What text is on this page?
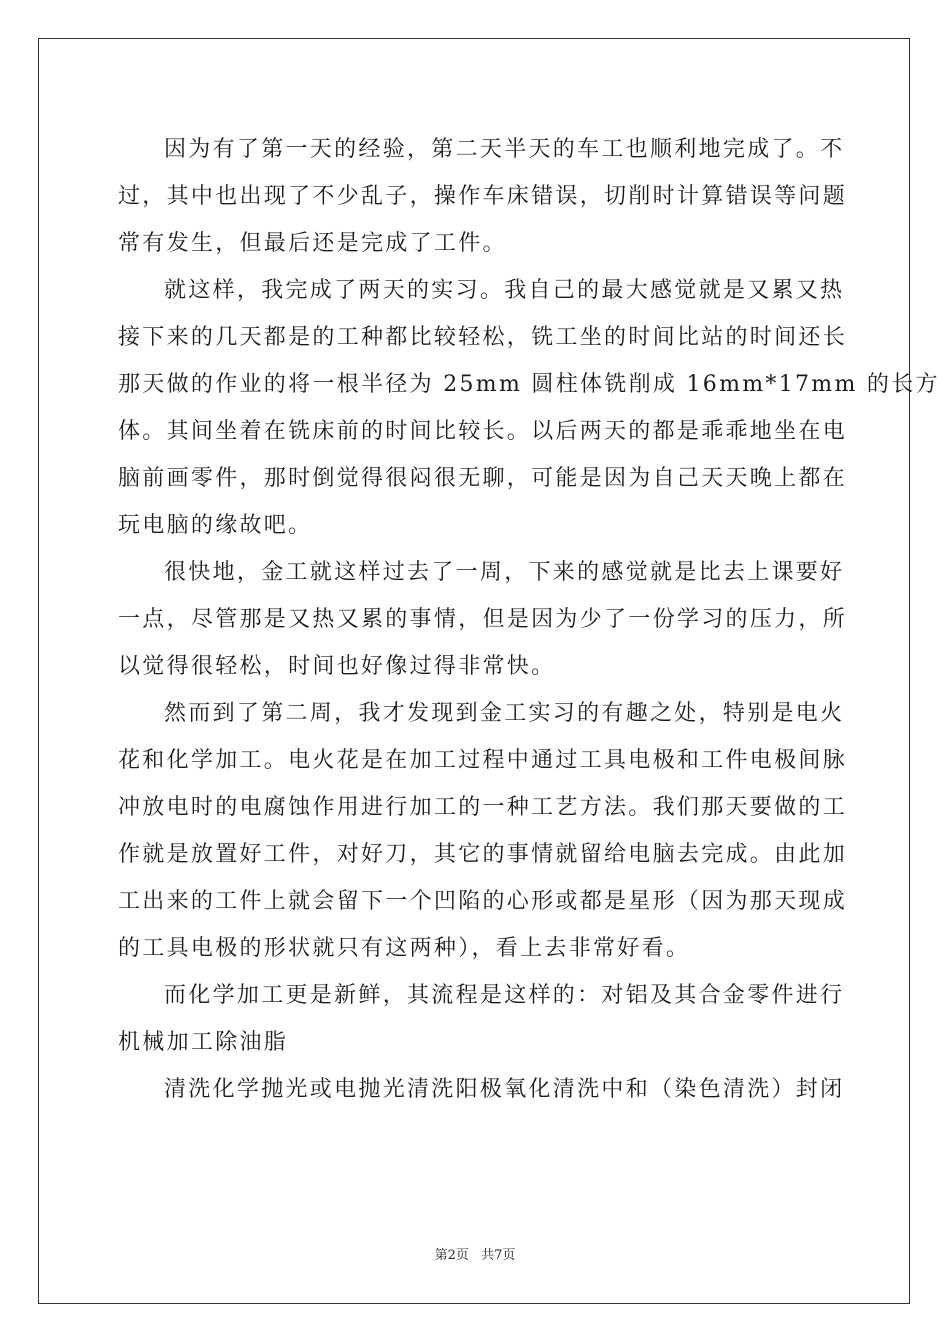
因为有了第一天的经验，第二天半天的车工也顺利地完成了。不
过，其中也出现了不少乱子，操作车床错误，切削时计算错误等问题
常有发生，但最后还是完成了工件。
就这样，我完成了两天的实习。我自己的最大感觉就是又累又热
接下来的几天都是的工种都比较轻松，铣工坐的时间比站的时间还长
那天做的作业的将一根半径为 25mm 圆柱体铣削成 16mm*17mm 的长方
体。其间坐着在铣床前的时间比较长。以后两天的都是乖乖地坐在电
脑前画零件，那时倒觉得很闷很无聊，可能是因为自己天天晚上都在
玩电脑的缘故吧。
很快地，金工就这样过去了一周，下来的感觉就是比去上课要好
一点，尽管那是又热又累的事情，但是因为少了一份学习的压力，所
以觉得很轻松，时间也好像过得非常快。
然而到了第二周，我才发现到金工实习的有趣之处，特别是电火
花和化学加工。电火花是在加工过程中通过工具电极和工件电极间脉
冲放电时的电腐蚀作用进行加工的一种工艺方法。我们那天要做的工
作就是放置好工件，对好刀，其它的事情就留给电脑去完成。由此加
工出来的工件上就会留下一个凹陷的心形或都是星形（因为那天现成
的工具电极的形状就只有这两种），看上去非常好看。
而化学加工更是新鲜，其流程是这样的：对铝及其合金零件进行
机械加工除油脂
清洗化学抛光或电抛光清洗阳极氧化清洗中和（染色清洗）封闭
第2页 共7页
